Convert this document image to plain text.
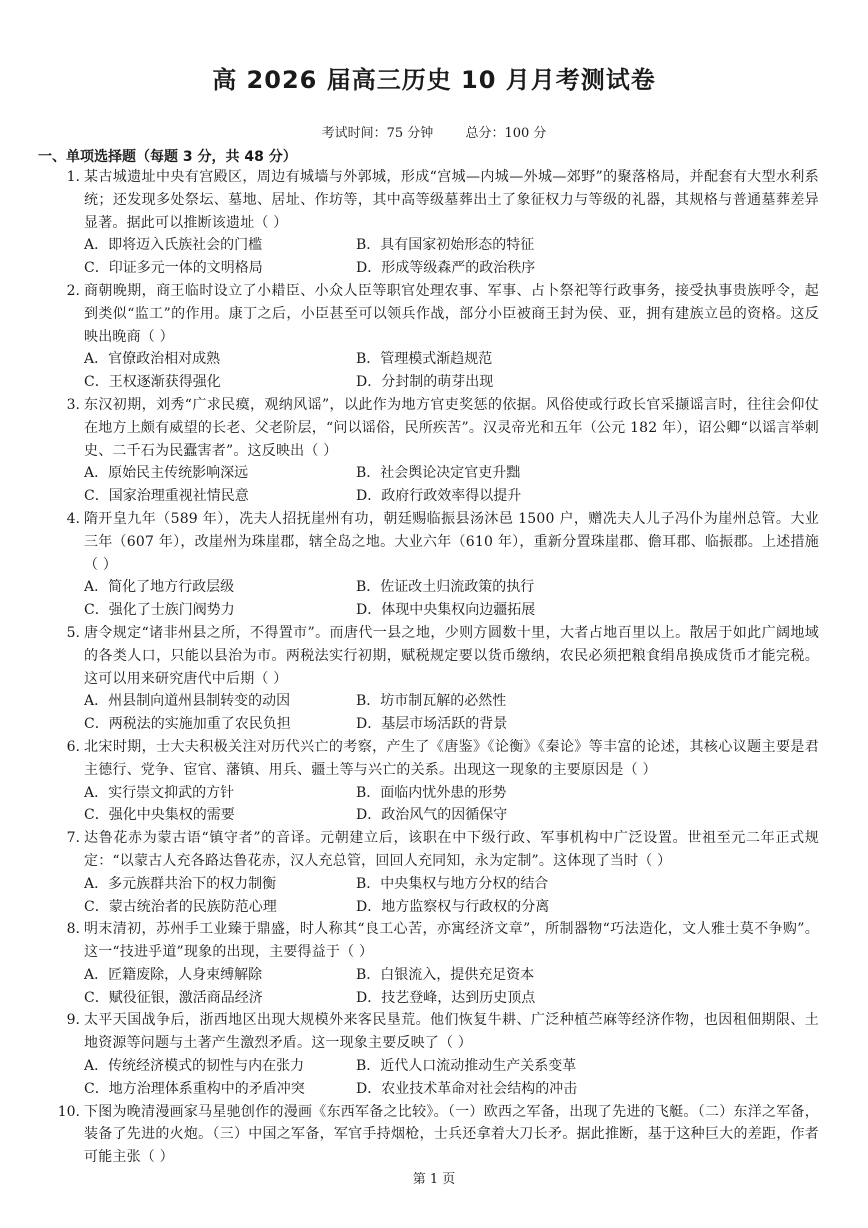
高 2026 届高三历史 10 月月考测试卷
考试时间：75 分钟 总分：100 分
一、单项选择题（每题 3 分，共 48 分）
1. 某古城遗址中央有宫殿区，周边有城墙与外郭城，形成“宫城—内城—外城—郊野”的聚落格局，并配套有大型水利系统；还发现多处祭坛、墓地、居址、作坊等，其中高等级墓葬出土了象征权力与等级的礼器，其规格与普通墓葬差异显著。据此可以推断该遗址（ ）
A．即将迈入氏族社会的门槛	B．具有国家初始形态的特征
C．印证多元一体的文明格局	D．形成等级森严的政治秩序
2. 商朝晚期，商王临时设立了小耤臣、小众人臣等职官处理农事、军事、占卜祭祀等行政事务，接受执事贵族呼令，起到类似“监工”的作用。康丁之后，小臣甚至可以领兵作战，部分小臣被商王封为侯、亚，拥有建族立邑的资格。这反映出晚商（ ）
A．官僚政治相对成熟	B．管理模式渐趋规范
C．王权逐渐获得强化	D．分封制的萌芽出现
3. 东汉初期，刘秀“广求民瘼，观纳风谣”，以此作为地方官吏奖惩的依据。风俗使或行政长官采撷谣言时，往往会仰仗在地方上颇有威望的长老、父老阶层，“问以谣俗，民所疾苦”。汉灵帝光和五年（公元 182 年），诏公卿“以谣言举刺史、二千石为民蠹害者”。这反映出（ ）
A．原始民主传统影响深远	B．社会舆论决定官吏升黜
C．国家治理重视社情民意	D．政府行政效率得以提升
4. 隋开皇九年（589 年），冼夫人招抚崖州有功，朝廷赐临振县汤沐邑 1500 户，赠冼夫人儿子冯仆为崖州总管。大业三年（607 年），改崖州为珠崖郡，辖全岛之地。大业六年（610 年），重新分置珠崖郡、儋耳郡、临振郡。上述措施（ ）
A．简化了地方行政层级	B．佐证改土归流政策的执行
C．强化了士族门阀势力	D．体现中央集权向边疆拓展
5. 唐令规定“诸非州县之所，不得置市”。而唐代一县之地，少则方圆数十里，大者占地百里以上。散居于如此广阔地域的各类人口，只能以县治为市。两税法实行初期，赋税规定要以货币缴纳，农民必须把粮食绢帛换成货币才能完税。这可以用来研究唐代中后期（ ）
A．州县制向道州县制转变的动因	B．坊市制瓦解的必然性
C．两税法的实施加重了农民负担	D．基层市场活跃的背景
6. 北宋时期，士大夫积极关注对历代兴亡的考察，产生了《唐鉴》《论衡》《秦论》等丰富的论述，其核心议题主要是君主德行、党争、宦官、藩镇、用兵、疆土等与兴亡的关系。出现这一现象的主要原因是（ ）
A．实行崇文抑武的方针	B．面临内忧外患的形势
C．强化中央集权的需要	D．政治风气的因循保守
7. 达鲁花赤为蒙古语“镇守者”的音译。元朝建立后，该职在中下级行政、军事机构中广泛设置。世祖至元二年正式规定：“以蒙古人充各路达鲁花赤，汉人充总管，回回人充同知，永为定制”。这体现了当时（ ）
A．多元族群共治下的权力制衡	B．中央集权与地方分权的结合
C．蒙古统治者的民族防范心理	D．地方监察权与行政权的分离
8. 明末清初，苏州手工业臻于鼎盛，时人称其“良工心苦，亦寓经济文章”，所制器物“巧法造化，文人雅士莫不争购”。这一“技进乎道”现象的出现，主要得益于（ ）
A．匠籍废除，人身束缚解除	B．白银流入，提供充足资本
C．赋役征银，激活商品经济	D．技艺登峰，达到历史顶点
9. 太平天国战争后，浙西地区出现大规模外来客民垦荒。他们恢复牛耕、广泛种植苎麻等经济作物，也因租佃期限、土地资源等问题与土著产生激烈矛盾。这一现象主要反映了（ ）
A．传统经济模式的韧性与内在张力	B．近代人口流动推动生产关系变革
C．地方治理体系重构中的矛盾冲突	D．农业技术革命对社会结构的冲击
10. 下图为晚清漫画家马星驰创作的漫画《东西军备之比较》。（一）欧西之军备，出现了先进的飞艇。（二）东洋之军备，装备了先进的火炮。（三）中国之军备，军官手持烟枪，士兵还拿着大刀长矛。据此推断，基于这种巨大的差距，作者可能主张（ ）
第 1 页
